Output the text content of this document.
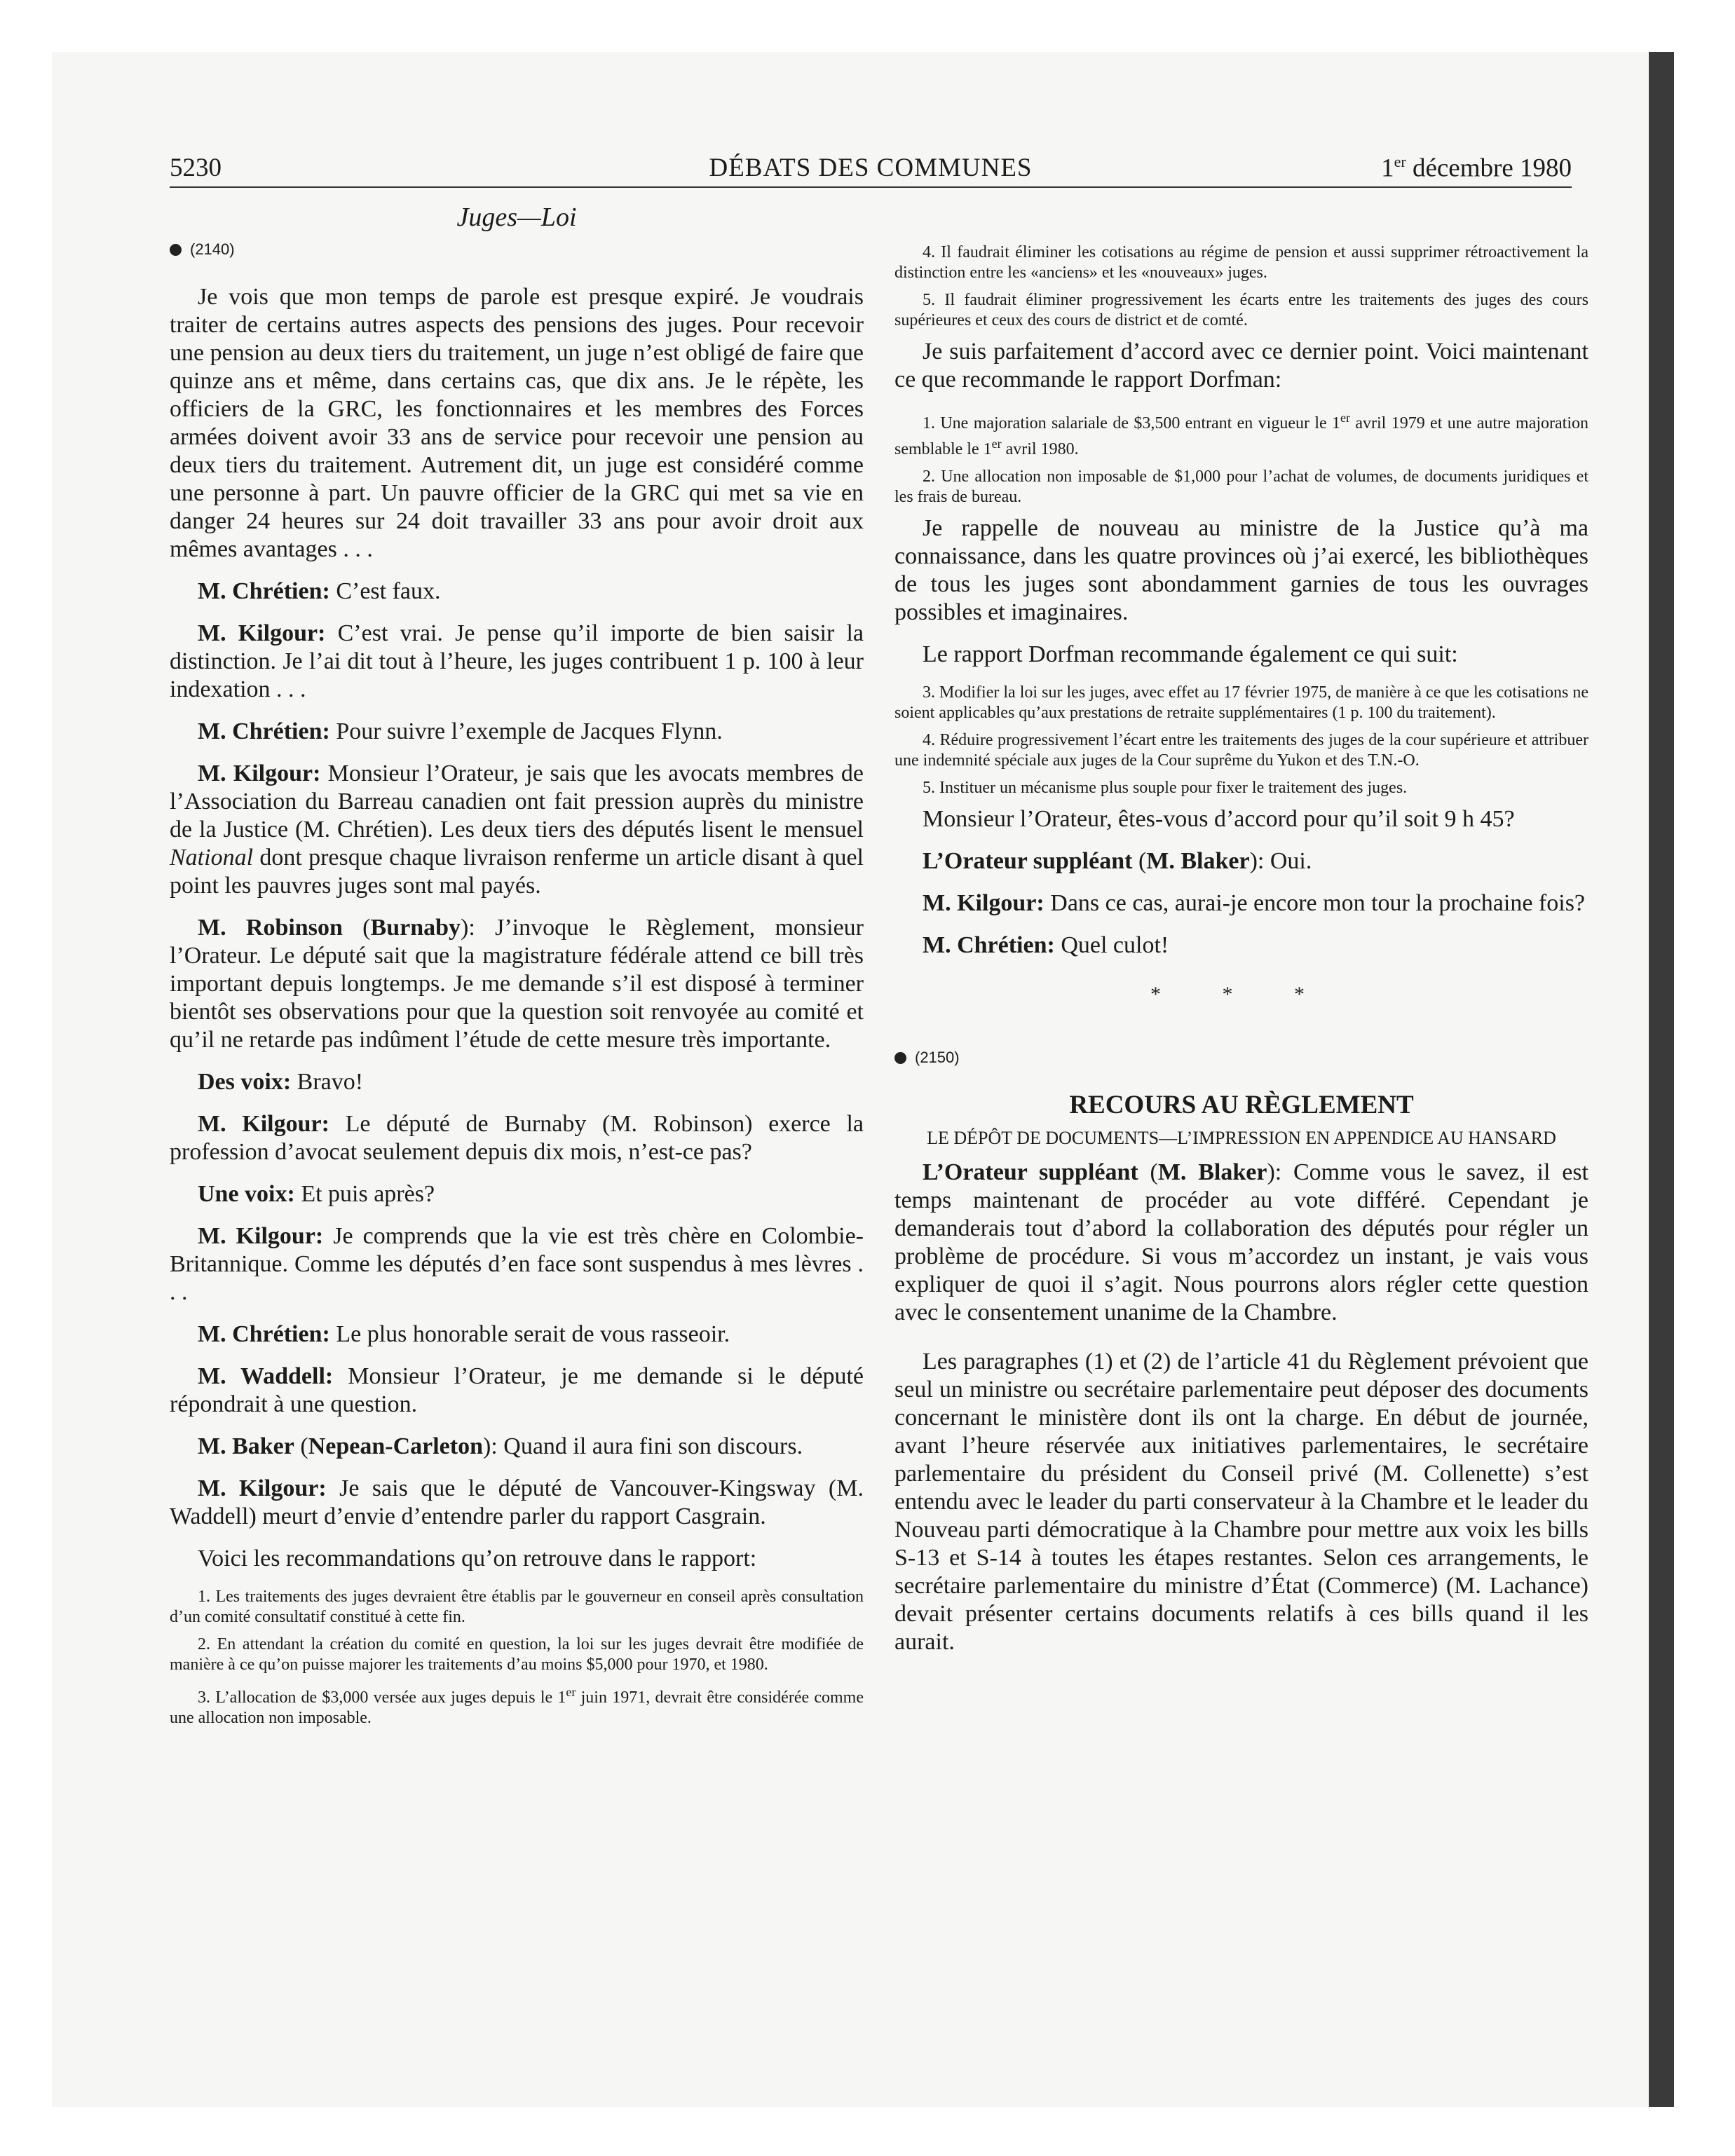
5230	DÉBATS DES COMMUNES	1er décembre 1980
Juges—Loi
(2140)

Je vois que mon temps de parole est presque expiré. Je voudrais traiter de certains autres aspects des pensions des juges. Pour recevoir une pension au deux tiers du traitement, un juge n’est obligé de faire que quinze ans et même, dans certains cas, que dix ans. Je le répète, les officiers de la GRC, les fonctionnaires et les membres des Forces armées doivent avoir 33 ans de service pour recevoir une pension au deux tiers du traitement. Autrement dit, un juge est considéré comme une personne à part. Un pauvre officier de la GRC qui met sa vie en danger 24 heures sur 24 doit travailler 33 ans pour avoir droit aux mêmes avantages . . .

M. Chrétien: C’est faux.

M. Kilgour: C’est vrai. Je pense qu’il importe de bien saisir la distinction. Je l’ai dit tout à l’heure, les juges contribuent 1 p. 100 à leur indexation . . .

M. Chrétien: Pour suivre l’exemple de Jacques Flynn.

M. Kilgour: Monsieur l’Orateur, je sais que les avocats membres de l’Association du Barreau canadien ont fait pression auprès du ministre de la Justice (M. Chrétien). Les deux tiers des députés lisent le mensuel National dont presque chaque livraison renferme un article disant à quel point les pauvres juges sont mal payés.

M. Robinson (Burnaby): J’invoque le Règlement, monsieur l’Orateur. Le député sait que la magistrature fédérale attend ce bill très important depuis longtemps. Je me demande s’il est disposé à terminer bientôt ses observations pour que la question soit renvoyée au comité et qu’il ne retarde pas indûment l’étude de cette mesure très importante.

Des voix: Bravo!

M. Kilgour: Le député de Burnaby (M. Robinson) exerce la profession d’avocat seulement depuis dix mois, n’est-ce pas?

Une voix: Et puis après?

M. Kilgour: Je comprends que la vie est très chère en Colombie-Britannique. Comme les députés d’en face sont suspendus à mes lèvres . . .

M. Chrétien: Le plus honorable serait de vous rasseoir.

M. Waddell: Monsieur l’Orateur, je me demande si le député répondrait à une question.

M. Baker (Nepean-Carleton): Quand il aura fini son discours.

M. Kilgour: Je sais que le député de Vancouver-Kingsway (M. Waddell) meurt d’envie d’entendre parler du rapport Casgrain.

Voici les recommandations qu’on retrouve dans le rapport:

1. Les traitements des juges devraient être établis par le gouverneur en conseil après consultation d’un comité consultatif constitué à cette fin.

2. En attendant la création du comité en question, la loi sur les juges devrait être modifiée de manière à ce qu’on puisse majorer les traitements d’au moins $5,000 pour 1970, et 1980.

3. L’allocation de $3,000 versée aux juges depuis le 1er juin 1971, devrait être considérée comme une allocation non imposable.

4. Il faudrait éliminer les cotisations au régime de pension et aussi supprimer rétroactivement la distinction entre les «anciens» et les «nouveaux» juges.

5. Il faudrait éliminer progressivement les écarts entre les traitements des juges des cours supérieures et ceux des cours de district et de comté.

Je suis parfaitement d’accord avec ce dernier point. Voici maintenant ce que recommande le rapport Dorfman:

1. Une majoration salariale de $3,500 entrant en vigueur le 1er avril 1979 et une autre majoration semblable le 1er avril 1980.

2. Une allocation non imposable de $1,000 pour l’achat de volumes, de documents juridiques et les frais de bureau.

Je rappelle de nouveau au ministre de la Justice qu’à ma connaissance, dans les quatre provinces où j’ai exercé, les bibliothèques de tous les juges sont abondamment garnies de tous les ouvrages possibles et imaginaires.

Le rapport Dorfman recommande également ce qui suit:

3. Modifier la loi sur les juges, avec effet au 17 février 1975, de manière à ce que les cotisations ne soient applicables qu’aux prestations de retraite supplémentaires (1 p. 100 du traitement).

4. Réduire progressivement l’écart entre les traitements des juges de la cour supérieure et attribuer une indemnité spéciale aux juges de la Cour suprême du Yukon et des T.N.-O.

5. Instituer un mécanisme plus souple pour fixer le traitement des juges.

Monsieur l’Orateur, êtes-vous d’accord pour qu’il soit 9 h 45?

L’Orateur suppléant (M. Blaker): Oui.

M. Kilgour: Dans ce cas, aurai-je encore mon tour la prochaine fois?

M. Chrétien: Quel culot!

* * *
(2150)
RECOURS AU RÈGLEMENT
LE DÉPÔT DE DOCUMENTS—L’IMPRESSION EN APPENDICE AU HANSARD

L’Orateur suppléant (M. Blaker): Comme vous le savez, il est temps maintenant de procéder au vote différé. Cependant je demanderais tout d’abord la collaboration des députés pour régler un problème de procédure. Si vous m’accordez un instant, je vais vous expliquer de quoi il s’agit. Nous pourrons alors régler cette question avec le consentement unanime de la Chambre.

Les paragraphes (1) et (2) de l’article 41 du Règlement prévoient que seul un ministre ou secrétaire parlementaire peut déposer des documents concernant le ministère dont ils ont la charge. En début de journée, avant l’heure réservée aux initiatives parlementaires, le secrétaire parlementaire du président du Conseil privé (M. Collenette) s’est entendu avec le leader du parti conservateur à la Chambre et le leader du Nouveau parti démocratique à la Chambre pour mettre aux voix les bills S-13 et S-14 à toutes les étapes restantes. Selon ces arrangements, le secrétaire parlementaire du ministre d’État (Commerce) (M. Lachance) devait présenter certains documents relatifs à ces bills quand il les aurait.
